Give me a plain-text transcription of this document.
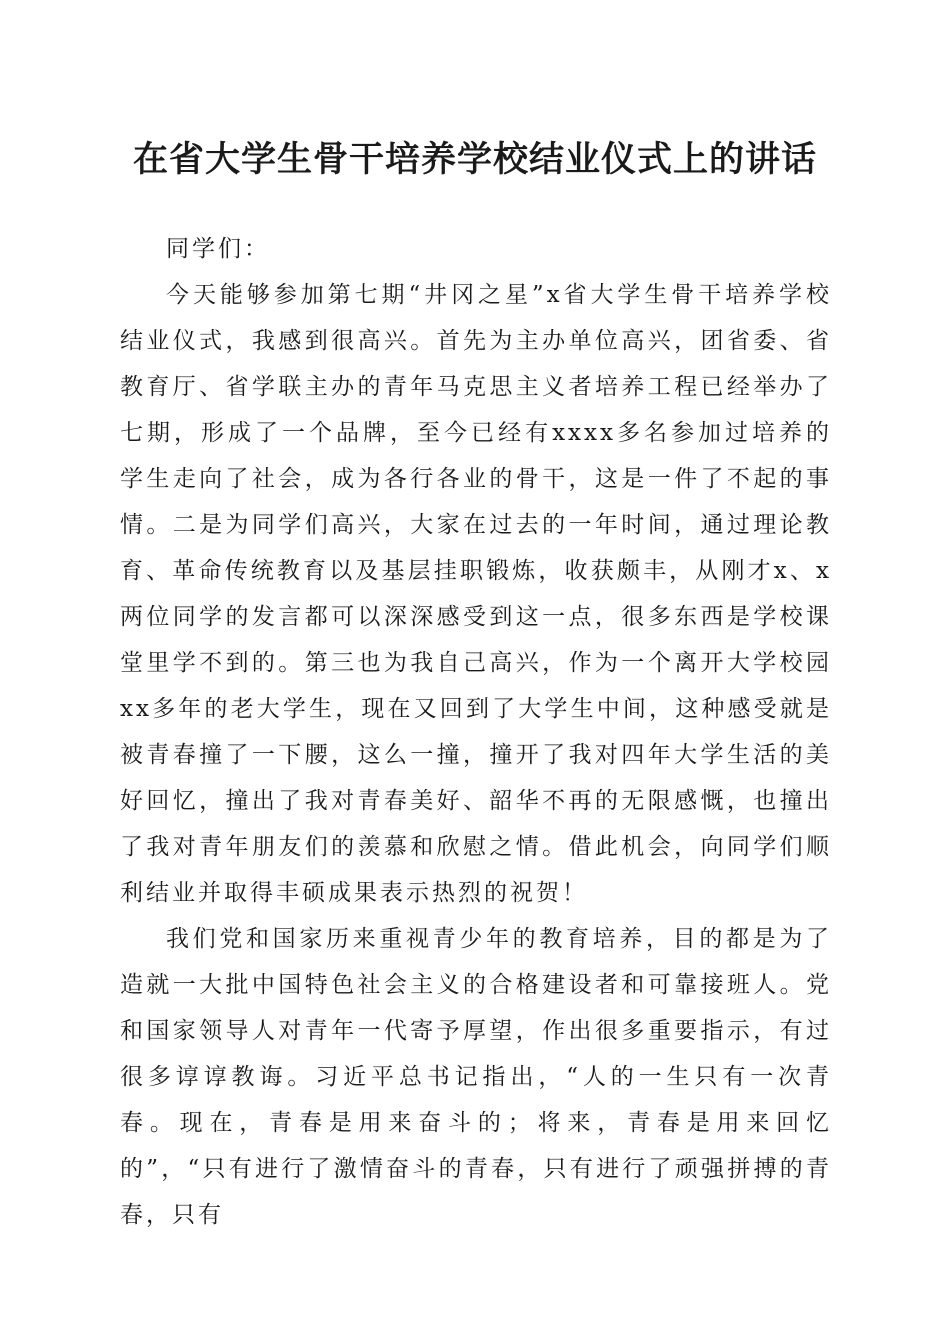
在省大学生骨干培养学校结业仪式上的讲话

同学们：

今天能够参加第七期“井冈之星”x省大学生骨干培养学校结业仪式，我感到很高兴。首先为主办单位高兴，团省委、省教育厅、省学联主办的青年马克思主义者培养工程已经举办了七期，形成了一个品牌，至今已经有xxxx多名参加过培养的学生走向了社会，成为各行各业的骨干，这是一件了不起的事情。二是为同学们高兴，大家在过去的一年时间，通过理论教育、革命传统教育以及基层挂职锻炼，收获颇丰，从刚才x、x两位同学的发言都可以深深感受到这一点，很多东西是学校课堂里学不到的。第三也为我自己高兴，作为一个离开大学校园xx多年的老大学生，现在又回到了大学生中间，这种感受就是被青春撞了一下腰，这么一撞，撞开了我对四年大学生活的美好回忆，撞出了我对青春美好、韶华不再的无限感慨，也撞出了我对青年朋友们的羡慕和欣慰之情。借此机会，向同学们顺利结业并取得丰硕成果表示热烈的祝贺！

我们党和国家历来重视青少年的教育培养，目的都是为了造就一大批中国特色社会主义的合格建设者和可靠接班人。党和国家领导人对青年一代寄予厚望，作出很多重要指示，有过很多谆谆教诲。习近平总书记指出，“人的一生只有一次青春。现在，青春是用来奋斗的；将来，青春是用来回忆的”，“只有进行了激情奋斗的青春，只有进行了顽强拼搏的青春，只有
